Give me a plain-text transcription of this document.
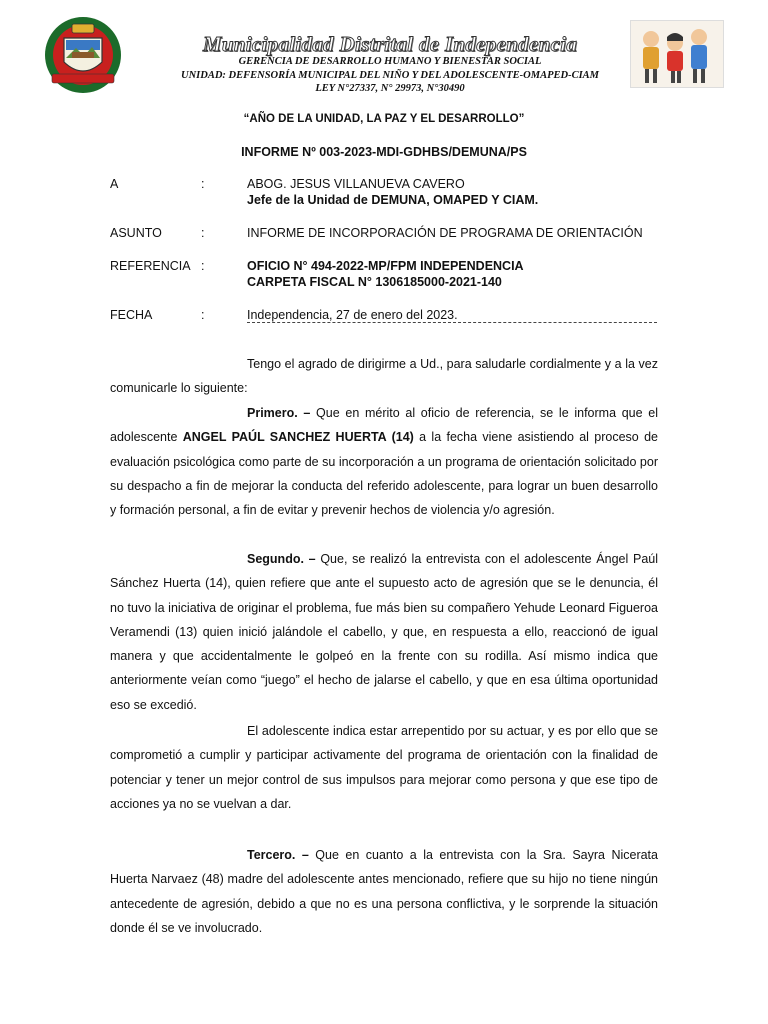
Municipalidad Distrital de Independencia

GERENCIA DE DESARROLLO HUMANO Y BIENESTAR SOCIAL

UNIDAD: DEFENSORÍA MUNICIPAL DEL NIÑO Y DEL ADOLESCENTE-OMAPED-CIAM

LEY N°27337, N° 29973, N°30490

“AÑO DE LA UNIDAD, LA PAZ Y EL DESARROLLO”

INFORME Nº 003-2023-MDI-GDHBS/DEMUNA/PS

A	:	ABOG. JESUS VILLANUEVA CAVERO
Jefe de la Unidad de DEMUNA, OMAPED Y CIAM.
ASUNTO	:	INFORME DE INCORPORACIÓN DE PROGRAMA DE ORIENTACIÓN
REFERENCIA :	OFICIO N° 494-2022-MP/FPM INDEPENDENCIA
CARPETA FISCAL N° 1306185000-2021-140
FECHA	:	Independencia, 27 de enero del 2023.

Tengo el agrado de dirigirme a Ud., para saludarle cordialmente y a la vez comunicarle lo siguiente:

Primero. – Que en mérito al oficio de referencia, se le informa que el adolescente ANGEL PAÚL SANCHEZ HUERTA (14) a la fecha viene asistiendo al proceso de evaluación psicológica como parte de su incorporación a un programa de orientación solicitado por su despacho a fin de mejorar la conducta del referido adolescente, para lograr un buen desarrollo y formación personal, a fin de evitar y prevenir hechos de violencia y/o agresión.

Segundo. – Que, se realizó la entrevista con el adolescente Ángel Paúl Sánchez Huerta (14), quien refiere que ante el supuesto acto de agresión que se le denuncia, él no tuvo la iniciativa de originar el problema, fue más bien su compañero Yehude Leonard Figueroa Veramendi (13) quien inició jalándole el cabello, y que, en respuesta a ello, reaccionó de igual manera y que accidentalmente le golpeó en la frente con su rodilla. Así mismo indica que anteriormente veían como “juego” el hecho de jalarse el cabello, y que en esa última oportunidad eso se excedió.

El adolescente indica estar arrepentido por su actuar, y es por ello que se comprometió a cumplir y participar activamente del programa de orientación con la finalidad de potenciar y tener un mejor control de sus impulsos para mejorar como persona y que ese tipo de acciones ya no se vuelvan a dar.

Tercero. – Que en cuanto a la entrevista con la Sra. Sayra Nicerata Huerta Narvaez (48) madre del adolescente antes mencionado, refiere que su hijo no tiene ningún antecedente de agresión, debido a que no es una persona conflictiva, y le sorprende la situación donde él se ve involucrado.
